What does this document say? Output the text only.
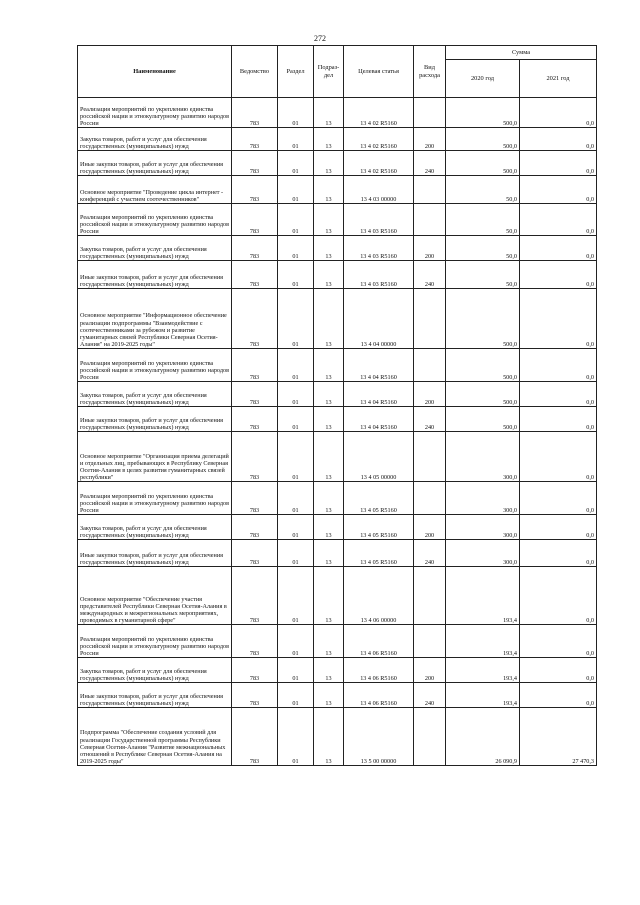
272
Наименование	Ведомство	Раздел	Подраз-дел	Целевая статья	Вид расхода	Сумма	
						2020 год	2021 год
Реализация мероприятий по укреплению единства российской нации и этнокультурному развитию народов России	783	01	13	13 4 02 R5160		500,0	0,0
Закупка товаров, работ и услуг для обеспечения государственных (муниципальных) нужд	783	01	13	13 4 02 R5160	200	500,0	0,0
Иные закупки товаров, работ и услуг для обеспечения государственных (муниципальных) нужд	783	01	13	13 4 02 R5160	240	500,0	0,0
Основное мероприятие "Проведение цикла интернет - конференций с участием соотечественников"	783	01	13	13 4 03 00000		50,0	0,0
Реализация мероприятий по укреплению единства российской нации и этнокультурному развитию народов России	783	01	13	13 4 03 R5160		50,0	0,0
Закупка товаров, работ и услуг для обеспечения государственных (муниципальных) нужд	783	01	13	13 4 03 R5160	200	50,0	0,0
Иные закупки товаров, работ и услуг для обеспечения государственных (муниципальных) нужд	783	01	13	13 4 03 R5160	240	50,0	0,0
Основное мероприятие "Информационное обеспечение реализации подпрограммы "Взаимодействие с соотечественниками за рубежом и развитие гуманитарных связей Республики Северная Осетия-Алания" на 2019-2025 годы"	783	01	13	13 4 04 00000		500,0	0,0
Реализация мероприятий по укреплению единства российской нации и этнокультурному развитию народов России	783	01	13	13 4 04 R5160		500,0	0,0
Закупка товаров, работ и услуг для обеспечения государственных (муниципальных) нужд	783	01	13	13 4 04 R5160	200	500,0	0,0
Иные закупки товаров, работ и услуг для обеспечения государственных (муниципальных) нужд	783	01	13	13 4 04 R5160	240	500,0	0,0
Основное мероприятие "Организация приема делегаций и отдельных лиц, пребывающих в Республику Северная Осетия-Алания в целях развития гуманитарных связей республики"	783	01	13	13 4 05 00000		300,0	0,0
Реализация мероприятий по укреплению единства российской нации и этнокультурному развитию народов России	783	01	13	13 4 05 R5160		300,0	0,0
Закупка товаров, работ и услуг для обеспечения государственных (муниципальных) нужд	783	01	13	13 4 05 R5160	200	300,0	0,0
Иные закупки товаров, работ и услуг для обеспечения государственных (муниципальных) нужд	783	01	13	13 4 05 R5160	240	300,0	0,0
Основное мероприятие "Обеспечение участия представителей Республики Северная Осетия-Алания в международных и межрегиональных мероприятиях, проводимых в гуманитарной сфере"	783	01	13	13 4 06 00000		193,4	0,0
Реализация мероприятий по укреплению единства российской нации и этнокультурному развитию народов России	783	01	13	13 4 06 R5160		193,4	0,0
Закупка товаров, работ и услуг для обеспечения государственных (муниципальных) нужд	783	01	13	13 4 06 R5160	200	193,4	0,0
Иные закупки товаров, работ и услуг для обеспечения государственных (муниципальных) нужд	783	01	13	13 4 06 R5160	240	193,4	0,0
Подпрограмма "Обеспечение создания условий для реализации Государственной программы Республики Северная Осетия-Алания "Развитие межнациональных отношений в Республике Северная Осетия-Алания на 2019-2025 годы"	783	01	13	13 5 00 00000		26 090,9	27 470,3
